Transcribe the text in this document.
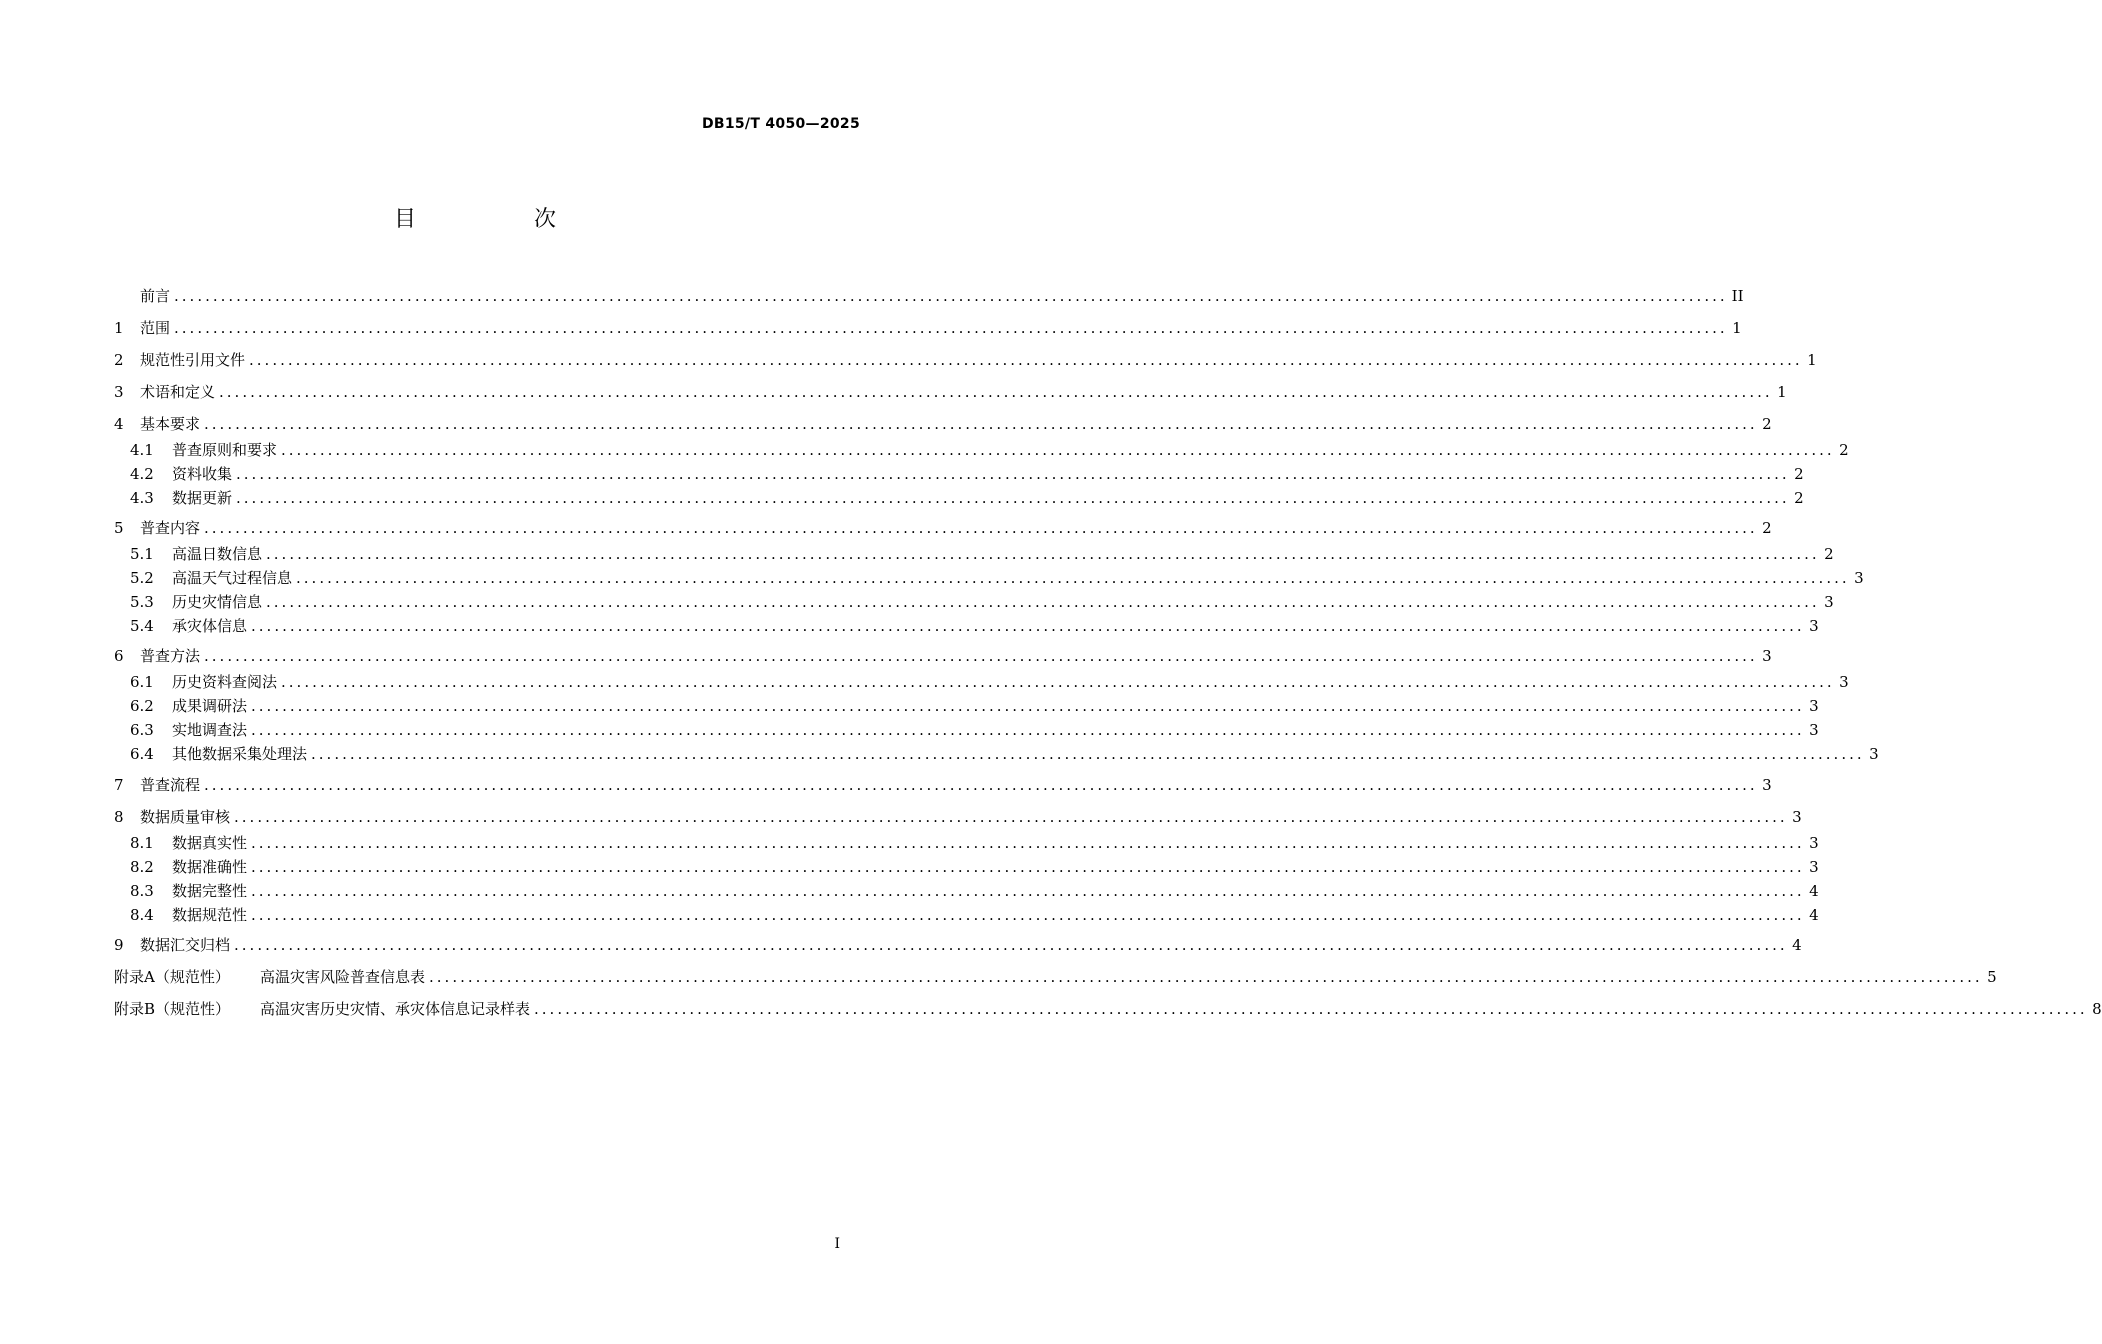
DB15/T 4050—2025
目　次
前言 ........................................................................................................................................................................................................ II
1	范围 ........................................................................................................................................................................................................ 1
2	规范性引用文件 ........................................................................................................................................................................................................ 1
3	术语和定义 ........................................................................................................................................................................................................ 1
4	基本要求 ........................................................................................................................................................................................................ 2
4.1	普查原则和要求 ........................................................................................................................................................................................................ 2
4.2	资料收集 ........................................................................................................................................................................................................ 2
4.3	数据更新 ........................................................................................................................................................................................................ 2
5	普查内容 ........................................................................................................................................................................................................ 2
5.1	高温日数信息 ........................................................................................................................................................................................................ 2
5.2	高温天气过程信息 ........................................................................................................................................................................................................ 3
5.3	历史灾情信息 ........................................................................................................................................................................................................ 3
5.4	承灾体信息 ........................................................................................................................................................................................................ 3
6	普查方法 ........................................................................................................................................................................................................ 3
6.1	历史资料查阅法 ........................................................................................................................................................................................................ 3
6.2	成果调研法 ........................................................................................................................................................................................................ 3
6.3	实地调查法 ........................................................................................................................................................................................................ 3
6.4	其他数据采集处理法 ........................................................................................................................................................................................................ 3
7	普查流程 ........................................................................................................................................................................................................ 3
8	数据质量审核 ........................................................................................................................................................................................................ 3
8.1	数据真实性 ........................................................................................................................................................................................................ 3
8.2	数据准确性 ........................................................................................................................................................................................................ 3
8.3	数据完整性 ........................................................................................................................................................................................................ 4
8.4	数据规范性 ........................................................................................................................................................................................................ 4
9	数据汇交归档 ........................................................................................................................................................................................................ 4
附录A（规范性）	高温灾害风险普查信息表 ........................................................................................................................................................................................................ 5
附录B（规范性）	高温灾害历史灾情、承灾体信息记录样表 ........................................................................................................................................................................................................ 8
I
